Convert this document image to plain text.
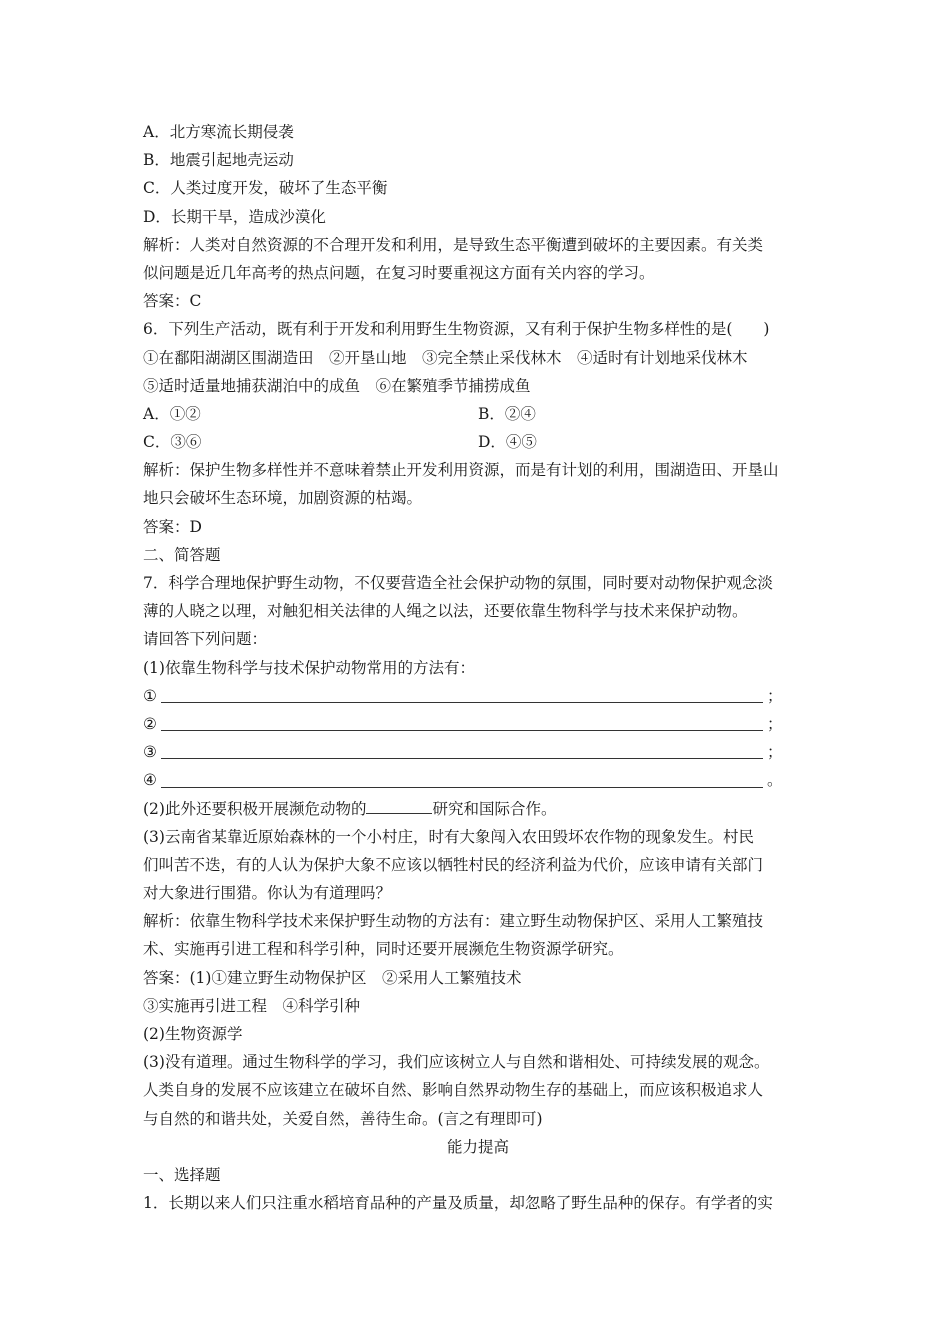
A．北方寒流长期侵袭
B．地震引起地壳运动
C．人类过度开发，破坏了生态平衡
D．长期干旱，造成沙漠化
解析：人类对自然资源的不合理开发和利用，是导致生态平衡遭到破坏的主要因素。有关类
似问题是近几年高考的热点问题，在复习时要重视这方面有关内容的学习。
答案：C
6．下列生产活动，既有利于开发和利用野生生物资源，又有利于保护生物多样性的是(　　)
①在鄱阳湖湖区围湖造田　②开垦山地　③完全禁止采伐林木　④适时有计划地采伐林木
⑤适时适量地捕获湖泊中的成鱼　⑥在繁殖季节捕捞成鱼
A．①②	B．②④
C．③⑥	D．④⑤
解析：保护生物多样性并不意味着禁止开发利用资源，而是有计划的利用，围湖造田、开垦山
地只会破坏生态环境，加剧资源的枯竭。
答案：D
二、简答题
7．科学合理地保护野生动物，不仅要营造全社会保护动物的氛围，同时要对动物保护观念淡
薄的人晓之以理，对触犯相关法律的人绳之以法，还要依靠生物科学与技术来保护动物。
请回答下列问题：
(1)依靠生物科学与技术保护动物常用的方法有：
①	；
②	；
③	；
④	。
(2)此外还要积极开展濒危动物的	研究和国际合作。
(3)云南省某靠近原始森林的一个小村庄，时有大象闯入农田毁坏农作物的现象发生。村民
们叫苦不迭，有的人认为保护大象不应该以牺牲村民的经济利益为代价，应该申请有关部门
对大象进行围猎。你认为有道理吗？
解析：依靠生物科学技术来保护野生动物的方法有：建立野生动物保护区、采用人工繁殖技
术、实施再引进工程和科学引种，同时还要开展濒危生物资源学研究。
答案：(1)①建立野生动物保护区　②采用人工繁殖技术
③实施再引进工程　④科学引种
(2)生物资源学
(3)没有道理。通过生物科学的学习，我们应该树立人与自然和谐相处、可持续发展的观念。
人类自身的发展不应该建立在破坏自然、影响自然界动物生存的基础上，而应该积极追求人
与自然的和谐共处，关爱自然，善待生命。(言之有理即可)
能力提高
一、选择题
1．长期以来人们只注重水稻培育品种的产量及质量，却忽略了野生品种的保存。有学者的实
